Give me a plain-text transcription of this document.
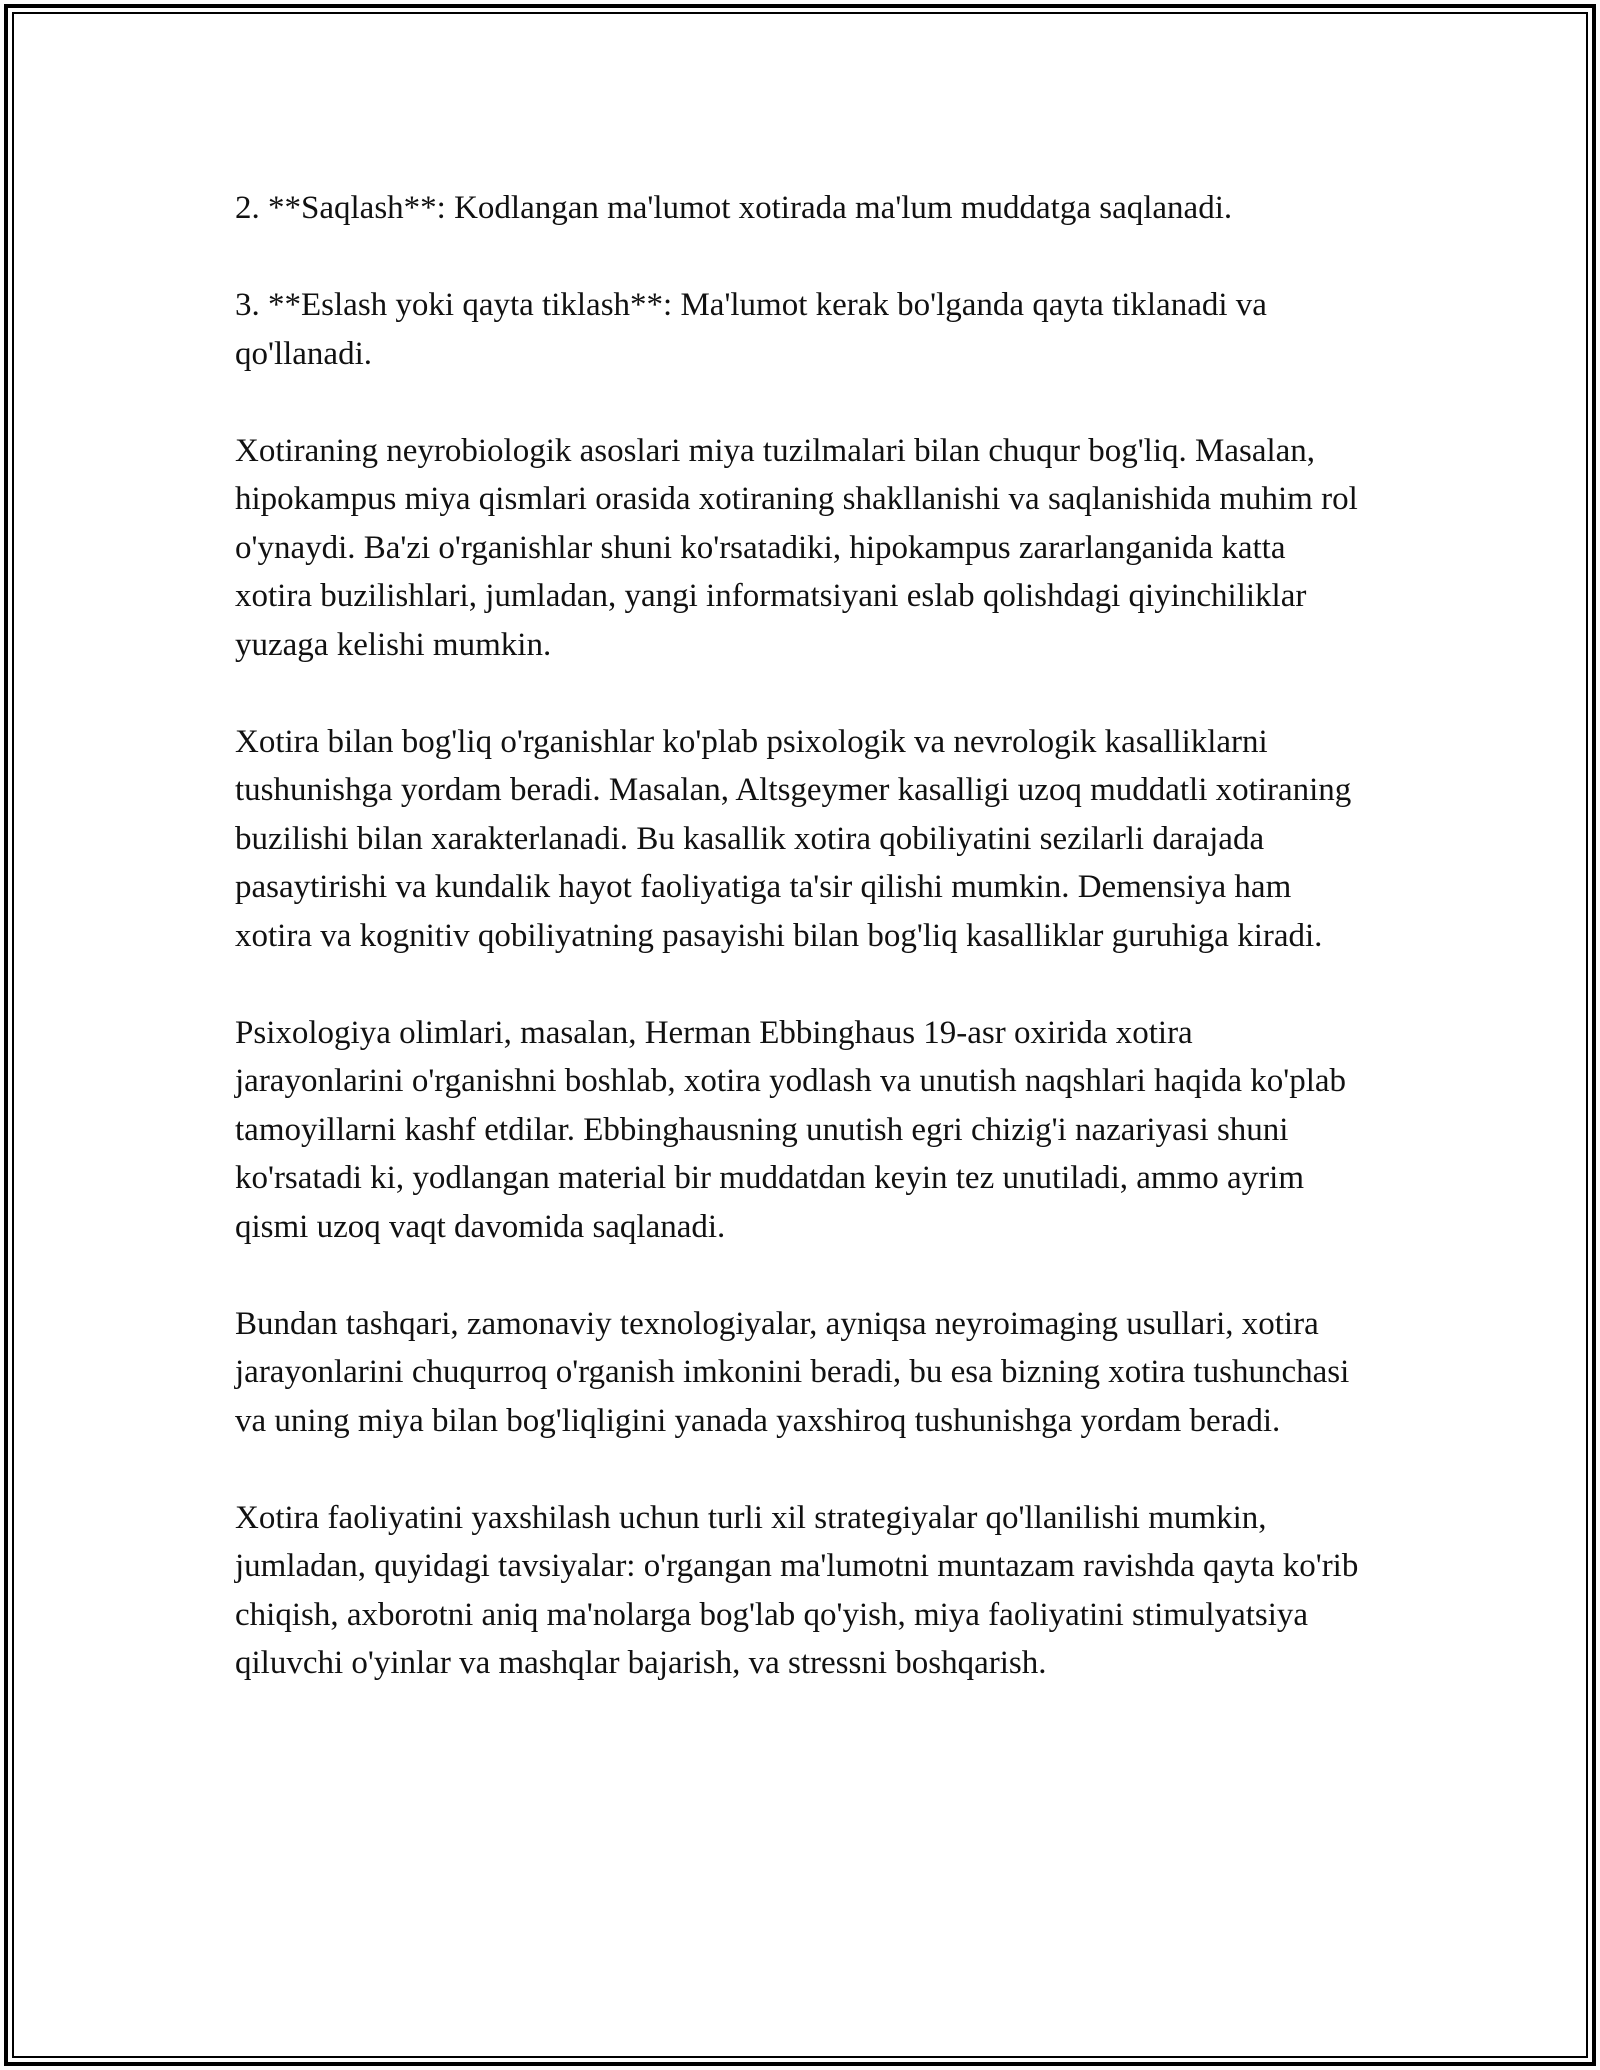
2. **Saqlash**: Kodlangan ma'lumot xotirada ma'lum muddatga saqlanadi.

3. **Eslash yoki qayta tiklash**: Ma'lumot kerak bo'lganda qayta tiklanadi va qo'llanadi.

Xotiraning neyrobiologik asoslari miya tuzilmalari bilan chuqur bog'liq. Masalan, hipokampus miya qismlari orasida xotiraning shakllanishi va saqlanishida muhim rol o'ynaydi. Ba'zi o'rganishlar shuni ko'rsatadiki, hipokampus zararlanganida katta xotira buzilishlari, jumladan, yangi informatsiyani eslab qolishdagi qiyinchiliklar yuzaga kelishi mumkin.

Xotira bilan bog'liq o'rganishlar ko'plab psixologik va nevrologik kasalliklarni tushunishga yordam beradi. Masalan, Altsgeymer kasalligi uzoq muddatli xotiraning buzilishi bilan xarakterlanadi. Bu kasallik xotira qobiliyatini sezilarli darajada pasaytirishi va kundalik hayot faoliyatiga ta'sir qilishi mumkin. Demensiya ham xotira va kognitiv qobiliyatning pasayishi bilan bog'liq kasalliklar guruhiga kiradi.

Psixologiya olimlari, masalan, Herman Ebbinghaus 19-asr oxirida xotira jarayonlarini o'rganishni boshlab, xotira yodlash va unutish naqshlari haqida ko'plab tamoyillarni kashf etdilar. Ebbinghausning unutish egri chizig'i nazariyasi shuni ko'rsatadi ki, yodlangan material bir muddatdan keyin tez unutiladi, ammo ayrim qismi uzoq vaqt davomida saqlanadi.

Bundan tashqari, zamonaviy texnologiyalar, ayniqsa neyroimaging usullari, xotira jarayonlarini chuqurroq o'rganish imkonini beradi, bu esa bizning xotira tushunchasi va uning miya bilan bog'liqligini yanada yaxshiroq tushunishga yordam beradi.

Xotira faoliyatini yaxshilash uchun turli xil strategiyalar qo'llanilishi mumkin, jumladan, quyidagi tavsiyalar: o'rgangan ma'lumotni muntazam ravishda qayta ko'rib chiqish, axborotni aniq ma'nolarga bog'lab qo'yish, miya faoliyatini stimulyatsiya qiluvchi o'yinlar va mashqlar bajarish, va stressni boshqarish.
